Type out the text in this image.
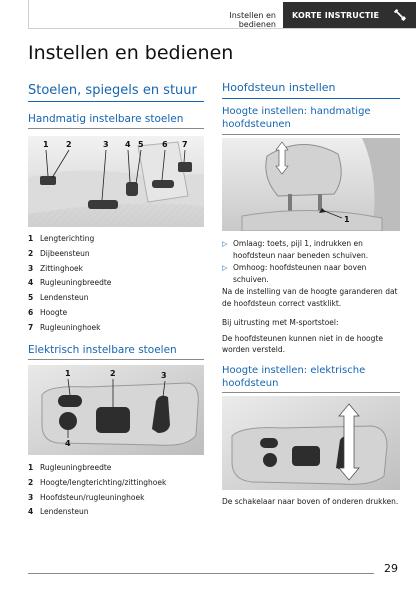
Instellen en bedienen
KORTE INSTRUCTIE
Instellen en bedienen
Stoelen, spiegels en stuur
Handmatig instelbare stoelen
1 2	3 4 5 6 7
1 Lengterichting
2 Dijbeensteun
3 Zittinghoek
4 Rugleuningbreedte
5 Lendensteun
6 Hoogte
7 Rugleuninghoek
Elektrisch instelbare stoelen
1	2	3
4
1 Rugleuningbreedte
2 Hoogte/lengterichting/zittinghoek
3 Hoofdsteun/rugleuninghoek
4 Lendensteun
Hoofdsteun instellen
Hoogte instellen: handmatige hoofdsteunen
1
▷ Omlaag: toets, pijl 1, indrukken en hoofdsteun naar beneden schuiven.
▷ Omhoog: hoofdsteunen naar boven schuiven.
Na de instelling van de hoogte garanderen dat de hoofdsteun correct vastklikt.
Bij uitrusting met M-sportstoel:
De hoofdsteunen kunnen niet in de hoogte worden versteld.
Hoogte instellen: elektrische hoofdsteun
De schakelaar naar boven of onderen drukken.
29
